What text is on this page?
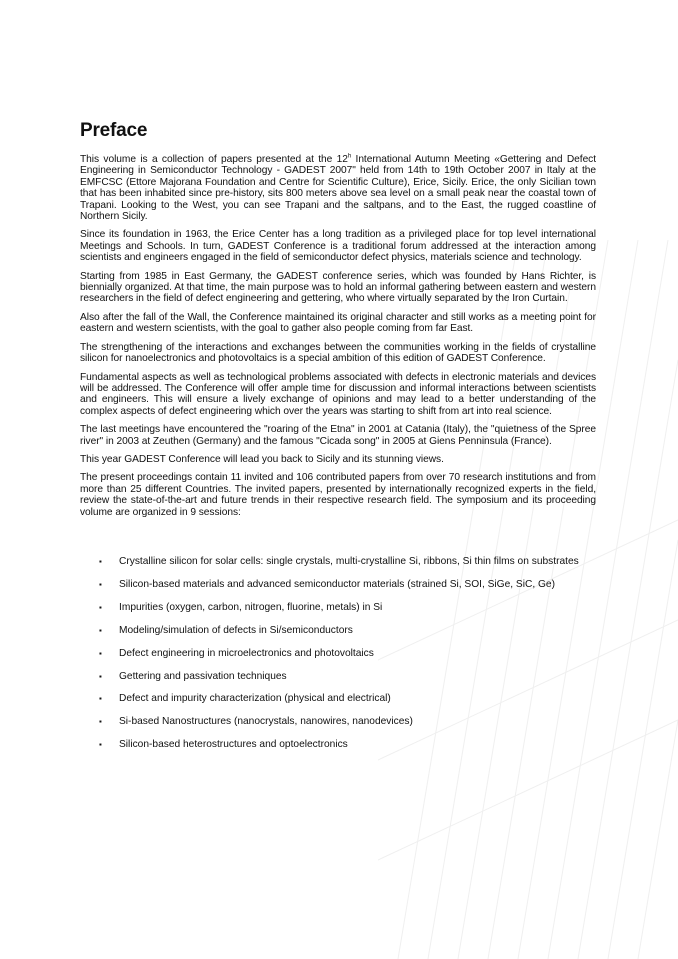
Preface

This volume is a collection of papers presented at the 12$^h$ International Autumn Meeting «Gettering and Defect Engineering in Semiconductor Technology - GADEST 2007" held from 14th to 19th October 2007 in Italy at the EMFCSC (Ettore Majorana Foundation and Centre for Scientific Culture), Erice, Sicily. Erice, the only Sicilian town that has been inhabited since pre-history, sits 800 meters above sea level on a small peak near the coastal town of Trapani. Looking to the West, you can see Trapani and the saltpans, and to the East, the rugged coastline of Northern Sicily.

Since its foundation in 1963, the Erice Center has a long tradition as a privileged place for top level international Meetings and Schools. In turn, GADEST Conference is a traditional forum addressed at the interaction among scientists and engineers engaged in the field of semiconductor defect physics, materials science and technology.

Starting from 1985 in East Germany, the GADEST conference series, which was founded by Hans Richter, is biennially organized. At that time, the main purpose was to hold an informal gathering between eastern and western researchers in the field of defect engineering and gettering, who where virtually separated by the Iron Curtain.

Also after the fall of the Wall, the Conference maintained its original character and still works as a meeting point for eastern and western scientists, with the goal to gather also people coming from far East.

The strengthening of the interactions and exchanges between the communities working in the fields of crystalline silicon for nanoelectronics and photovoltaics is a special ambition of this edition of GADEST Conference.

Fundamental aspects as well as technological problems associated with defects in electronic materials and devices will be addressed. The Conference will offer ample time for discussion and informal interactions between scientists and engineers. This will ensure a lively exchange of opinions and may lead to a better understanding of the complex aspects of defect engineering which over the years was starting to shift from art into real science.

The last meetings have encountered the "roaring of the Etna" in 2001 at Catania (Italy), the "quietness of the Spree river" in 2003 at Zeuthen (Germany) and the famous "Cicada song" in 2005 at Giens Penninsula (France).

This year GADEST Conference will lead you back to Sicily and its stunning views.

The present proceedings contain 11 invited and 106 contributed papers from over 70 research institutions and from more than 25 different Countries. The invited papers, presented by internationally recognized experts in the field, review the state-of-the-art and future trends in their respective research field. The symposium and its proceeding volume are organized in 9 sessions:

▪ Crystalline silicon for solar cells: single crystals, multi-crystalline Si, ribbons, Si thin films on substrates
▪ Silicon-based materials and advanced semiconductor materials (strained Si, SOI, SiGe, SiC, Ge)
▪ Impurities (oxygen, carbon, nitrogen, fluorine, metals) in Si
▪ Modeling/simulation of defects in Si/semiconductors
▪ Defect engineering in microelectronics and photovoltaics
▪ Gettering and passivation techniques
▪ Defect and impurity characterization (physical and electrical)
▪ Si-based Nanostructures (nanocrystals, nanowires, nanodevices)
▪ Silicon-based heterostructures and optoelectronics
